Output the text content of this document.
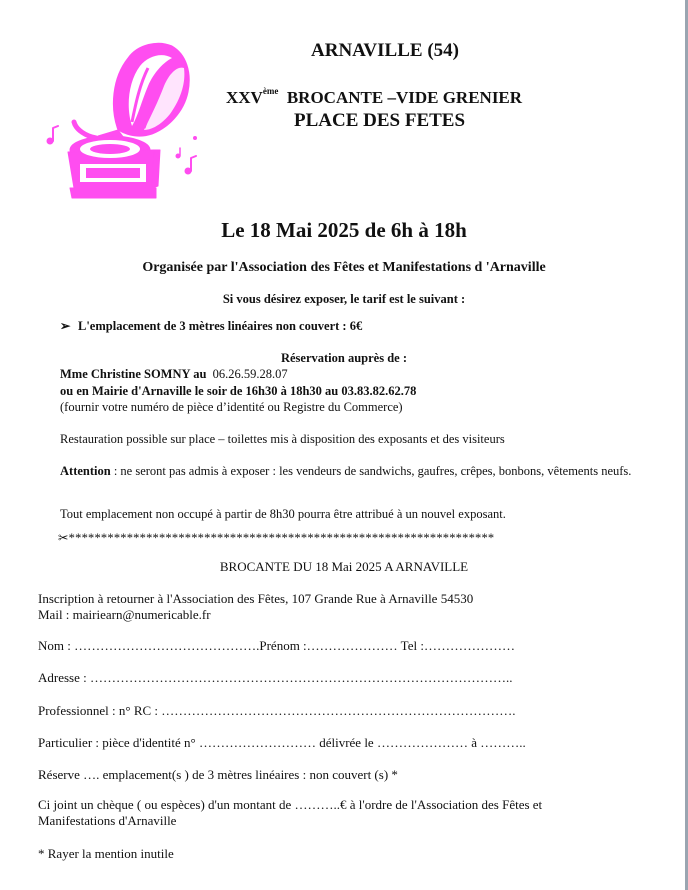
ARNAVILLE (54)
XXVème BROCANTE –VIDE GRENIER
PLACE DES FETES
Le 18 Mai 2025 de 6h à 18h
Organisée par l'Association des Fêtes et Manifestations d 'Arnaville
Si vous désirez exposer, le tarif est le suivant :
➢ L'emplacement de 3 mètres linéaires non couvert : 6€
Réservation auprès de :
Mme Christine SOMNY au 06.26.59.28.07
ou en Mairie d'Arnaville le soir de 16h30 à 18h30 au 03.83.82.62.78
(fournir votre numéro de pièce d’identité ou Registre du Commerce)
Restauration possible sur place – toilettes mis à disposition des exposants et des visiteurs
Attention : ne seront pas admis à exposer : les vendeurs de sandwichs, gaufres, crêpes, bonbons, vêtements neufs.
Tout emplacement non occupé à partir de 8h30 pourra être attribué à un nouvel exposant.
✂******************************************************************
BROCANTE DU 18 Mai 2025 A ARNAVILLE
Inscription à retourner à l'Association des Fêtes, 107 Grande Rue à Arnaville 54530
Mail : mairiearn@numericable.fr
Nom : …………………………………….Prénom :………………… Tel :…………………
Adresse : ……………………………………………………………………………………..
Professionnel : n° RC : ……………………………………………………………………….
Particulier : pièce d'identité n° ……………………… délivrée le ………………… à ………..
Réserve …. emplacement(s ) de 3 mètres linéaires : non couvert (s) *
Ci joint un chèque ( ou espèces) d'un montant de ………..€ à l'ordre de l'Association des Fêtes et
Manifestations d'Arnaville
* Rayer la mention inutile
